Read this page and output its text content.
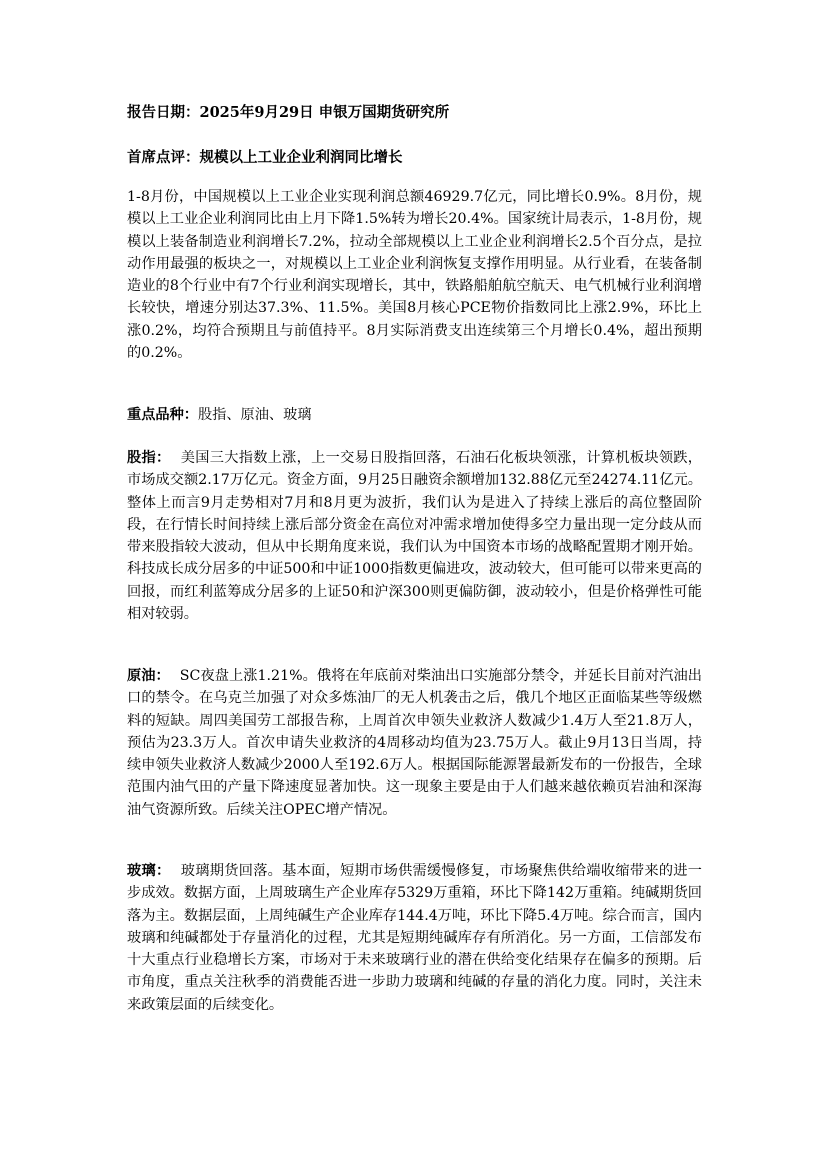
报告日期：2025年9月29日 申银万国期货研究所

首席点评：规模以上工业企业利润同比增长

1-8月份，中国规模以上工业企业实现利润总额46929.7亿元，同比增长0.9%。8月份，规模以上工业企业利润同比由上月下降1.5%转为增长20.4%。国家统计局表示，1-8月份，规模以上装备制造业利润增长7.2%，拉动全部规模以上工业企业利润增长2.5个百分点，是拉动作用最强的板块之一，对规模以上工业企业利润恢复支撑作用明显。从行业看，在装备制造业的8个行业中有7个行业利润实现增长，其中，铁路船舶航空航天、电气机械行业利润增长较快，增速分别达37.3%、11.5%。美国8月核心PCE物价指数同比上涨2.9%，环比上涨0.2%，均符合预期且与前值持平。8月实际消费支出连续第三个月增长0.4%，超出预期的0.2%。

重点品种：股指、原油、玻璃

股指： 美国三大指数上涨，上一交易日股指回落，石油石化板块领涨，计算机板块领跌，市场成交额2.17万亿元。资金方面，9月25日融资余额增加132.88亿元至24274.11亿元。整体上而言9月走势相对7月和8月更为波折，我们认为是进入了持续上涨后的高位整固阶段，在行情长时间持续上涨后部分资金在高位对冲需求增加使得多空力量出现一定分歧从而带来股指较大波动，但从中长期角度来说，我们认为中国资本市场的战略配置期才刚开始。科技成长成分居多的中证500和中证1000指数更偏进攻，波动较大，但可能可以带来更高的回报，而红利蓝筹成分居多的上证50和沪深300则更偏防御，波动较小，但是价格弹性可能相对较弱。

原油： SC夜盘上涨1.21%。俄将在年底前对柴油出口实施部分禁令，并延长目前对汽油出口的禁令。在乌克兰加强了对众多炼油厂的无人机袭击之后，俄几个地区正面临某些等级燃料的短缺。周四美国劳工部报告称，上周首次申领失业救济人数减少1.4万人至21.8万人，预估为23.3万人。首次申请失业救济的4周移动均值为23.75万人。截止9月13日当周，持续申领失业救济人数减少2000人至192.6万人。根据国际能源署最新发布的一份报告，全球范围内油气田的产量下降速度显著加快。这一现象主要是由于人们越来越依赖页岩油和深海油气资源所致。后续关注OPEC增产情况。

玻璃： 玻璃期货回落。基本面，短期市场供需缓慢修复，市场聚焦供给端收缩带来的进一步成效。数据方面，上周玻璃生产企业库存5329万重箱，环比下降142万重箱。纯碱期货回落为主。数据层面，上周纯碱生产企业库存144.4万吨，环比下降5.4万吨。综合而言，国内玻璃和纯碱都处于存量消化的过程，尤其是短期纯碱库存有所消化。另一方面，工信部发布十大重点行业稳增长方案，市场对于未来玻璃行业的潜在供给变化结果存在偏多的预期。后市角度，重点关注秋季的消费能否进一步助力玻璃和纯碱的存量的消化力度。同时，关注未来政策层面的后续变化。
